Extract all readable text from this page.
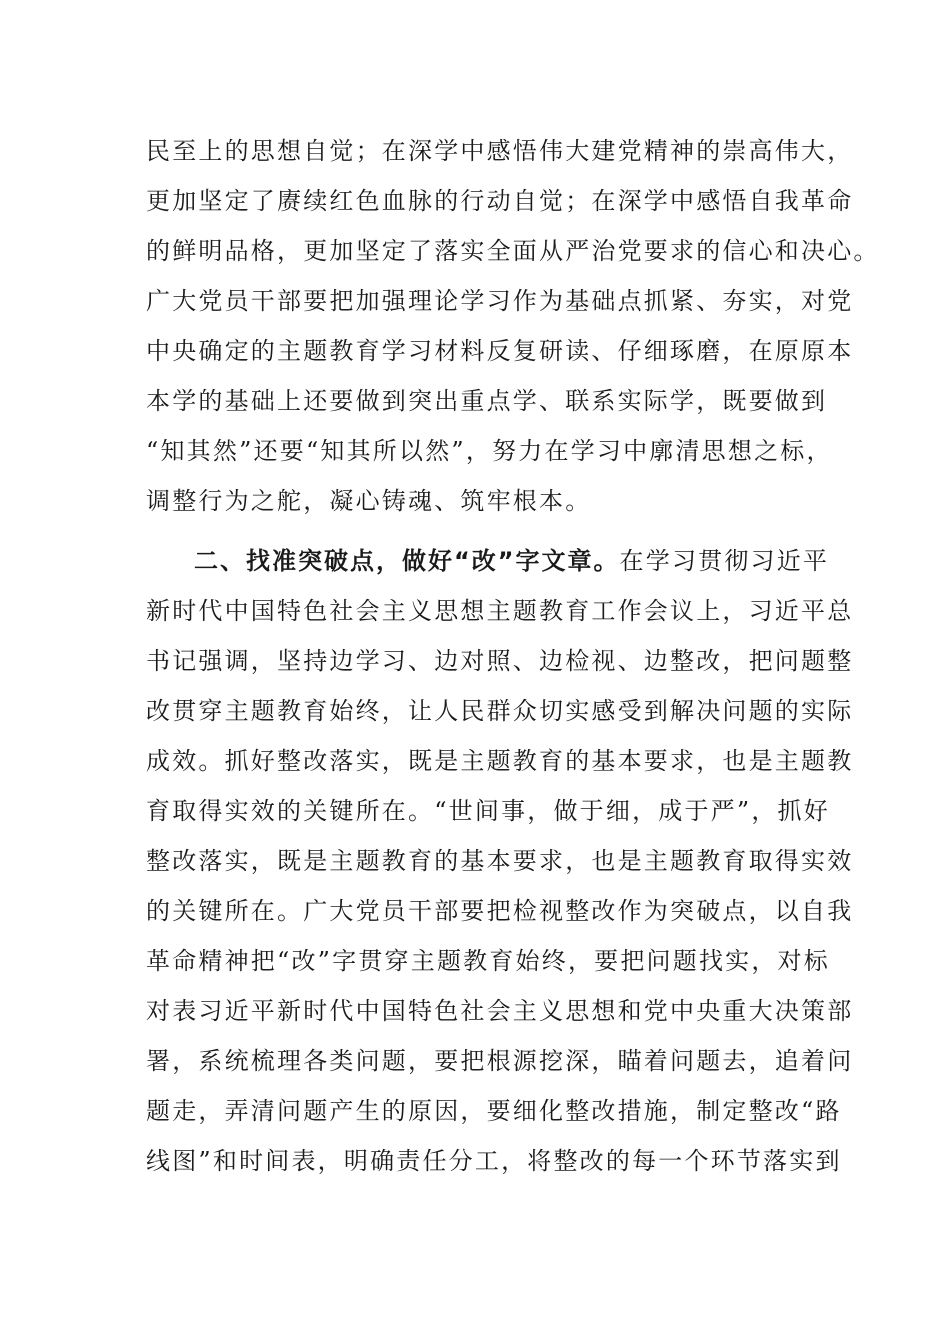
民至上的思想自觉；在深学中感悟伟大建党精神的崇高伟大，
更加坚定了赓续红色血脉的行动自觉；在深学中感悟自我革命
的鲜明品格，更加坚定了落实全面从严治党要求的信心和决心。
广大党员干部要把加强理论学习作为基础点抓紧、夯实，对党
中央确定的主题教育学习材料反复研读、仔细琢磨，在原原本
本学的基础上还要做到突出重点学、联系实际学，既要做到
“知其然”还要“知其所以然”，努力在学习中廓清思想之标，
调整行为之舵，凝心铸魂、筑牢根本。
二、找准突破点，做好“改”字文章。在学习贯彻习近平
新时代中国特色社会主义思想主题教育工作会议上，习近平总
书记强调，坚持边学习、边对照、边检视、边整改，把问题整
改贯穿主题教育始终，让人民群众切实感受到解决问题的实际
成效。抓好整改落实，既是主题教育的基本要求，也是主题教
育取得实效的关键所在。“世间事，做于细，成于严”，抓好
整改落实，既是主题教育的基本要求，也是主题教育取得实效
的关键所在。广大党员干部要把检视整改作为突破点，以自我
革命精神把“改”字贯穿主题教育始终，要把问题找实，对标
对表习近平新时代中国特色社会主义思想和党中央重大决策部
署，系统梳理各类问题，要把根源挖深，瞄着问题去，追着问
题走，弄清问题产生的原因，要细化整改措施，制定整改“路
线图”和时间表，明确责任分工，将整改的每一个环节落实到
